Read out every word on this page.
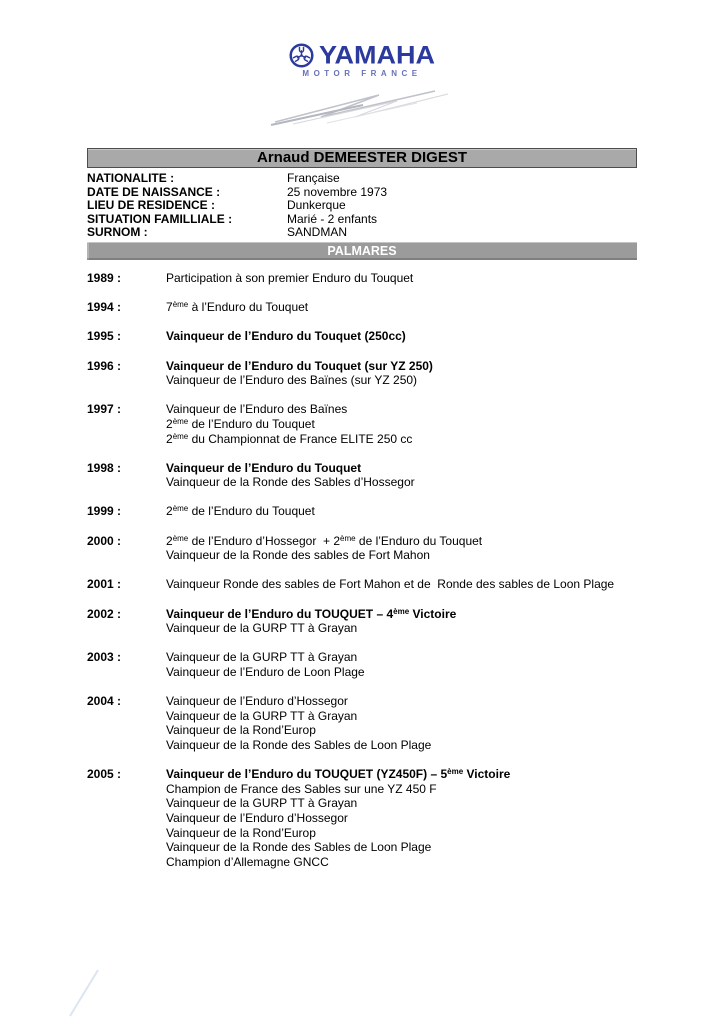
YAMAHA
MOTOR FRANCE
Arnaud DEMEESTER DIGEST
NATIONALITE :	Française
DATE DE NAISSANCE :	25 novembre 1973
LIEU DE RESIDENCE :	Dunkerque
SITUATION FAMILLIALE :	Marié - 2 enfants
SURNOM :	SANDMAN
PALMARES
1989 :	Participation à son premier Enduro du Touquet
1994 :	7ème à l’Enduro du Touquet
1995 :	Vainqueur de l’Enduro du Touquet (250cc)
1996 :	Vainqueur de l’Enduro du Touquet (sur YZ 250)
Vainqueur de l’Enduro des Baïnes (sur YZ 250)
1997 :	Vainqueur de l’Enduro des Baïnes
2ème de l’Enduro du Touquet
2ème du Championnat de France ELITE 250 cc
1998 :	Vainqueur de l’Enduro du Touquet
Vainqueur de la Ronde des Sables d’Hossegor
1999 :	2ème de l’Enduro du Touquet
2000 :	2ème de l’Enduro d’Hossegor  + 2ème de l’Enduro du Touquet
Vainqueur de la Ronde des sables de Fort Mahon
2001 :	Vainqueur Ronde des sables de Fort Mahon et de  Ronde des sables de Loon Plage
2002 :	Vainqueur de l’Enduro du TOUQUET – 4ème Victoire
Vainqueur de la GURP TT à Grayan
2003 :	Vainqueur de la GURP TT à Grayan
Vainqueur de l’Enduro de Loon Plage
2004 :	Vainqueur de l’Enduro d’Hossegor
Vainqueur de la GURP TT à Grayan
Vainqueur de la Rond’Europ
Vainqueur de la Ronde des Sables de Loon Plage
2005 :	Vainqueur de l’Enduro du TOUQUET (YZ450F) – 5ème Victoire
Champion de France des Sables sur une YZ 450 F
Vainqueur de la GURP TT à Grayan
Vainqueur de l’Enduro d’Hossegor
Vainqueur de la Rond’Europ
Vainqueur de la Ronde des Sables de Loon Plage
Champion d’Allemagne GNCC
